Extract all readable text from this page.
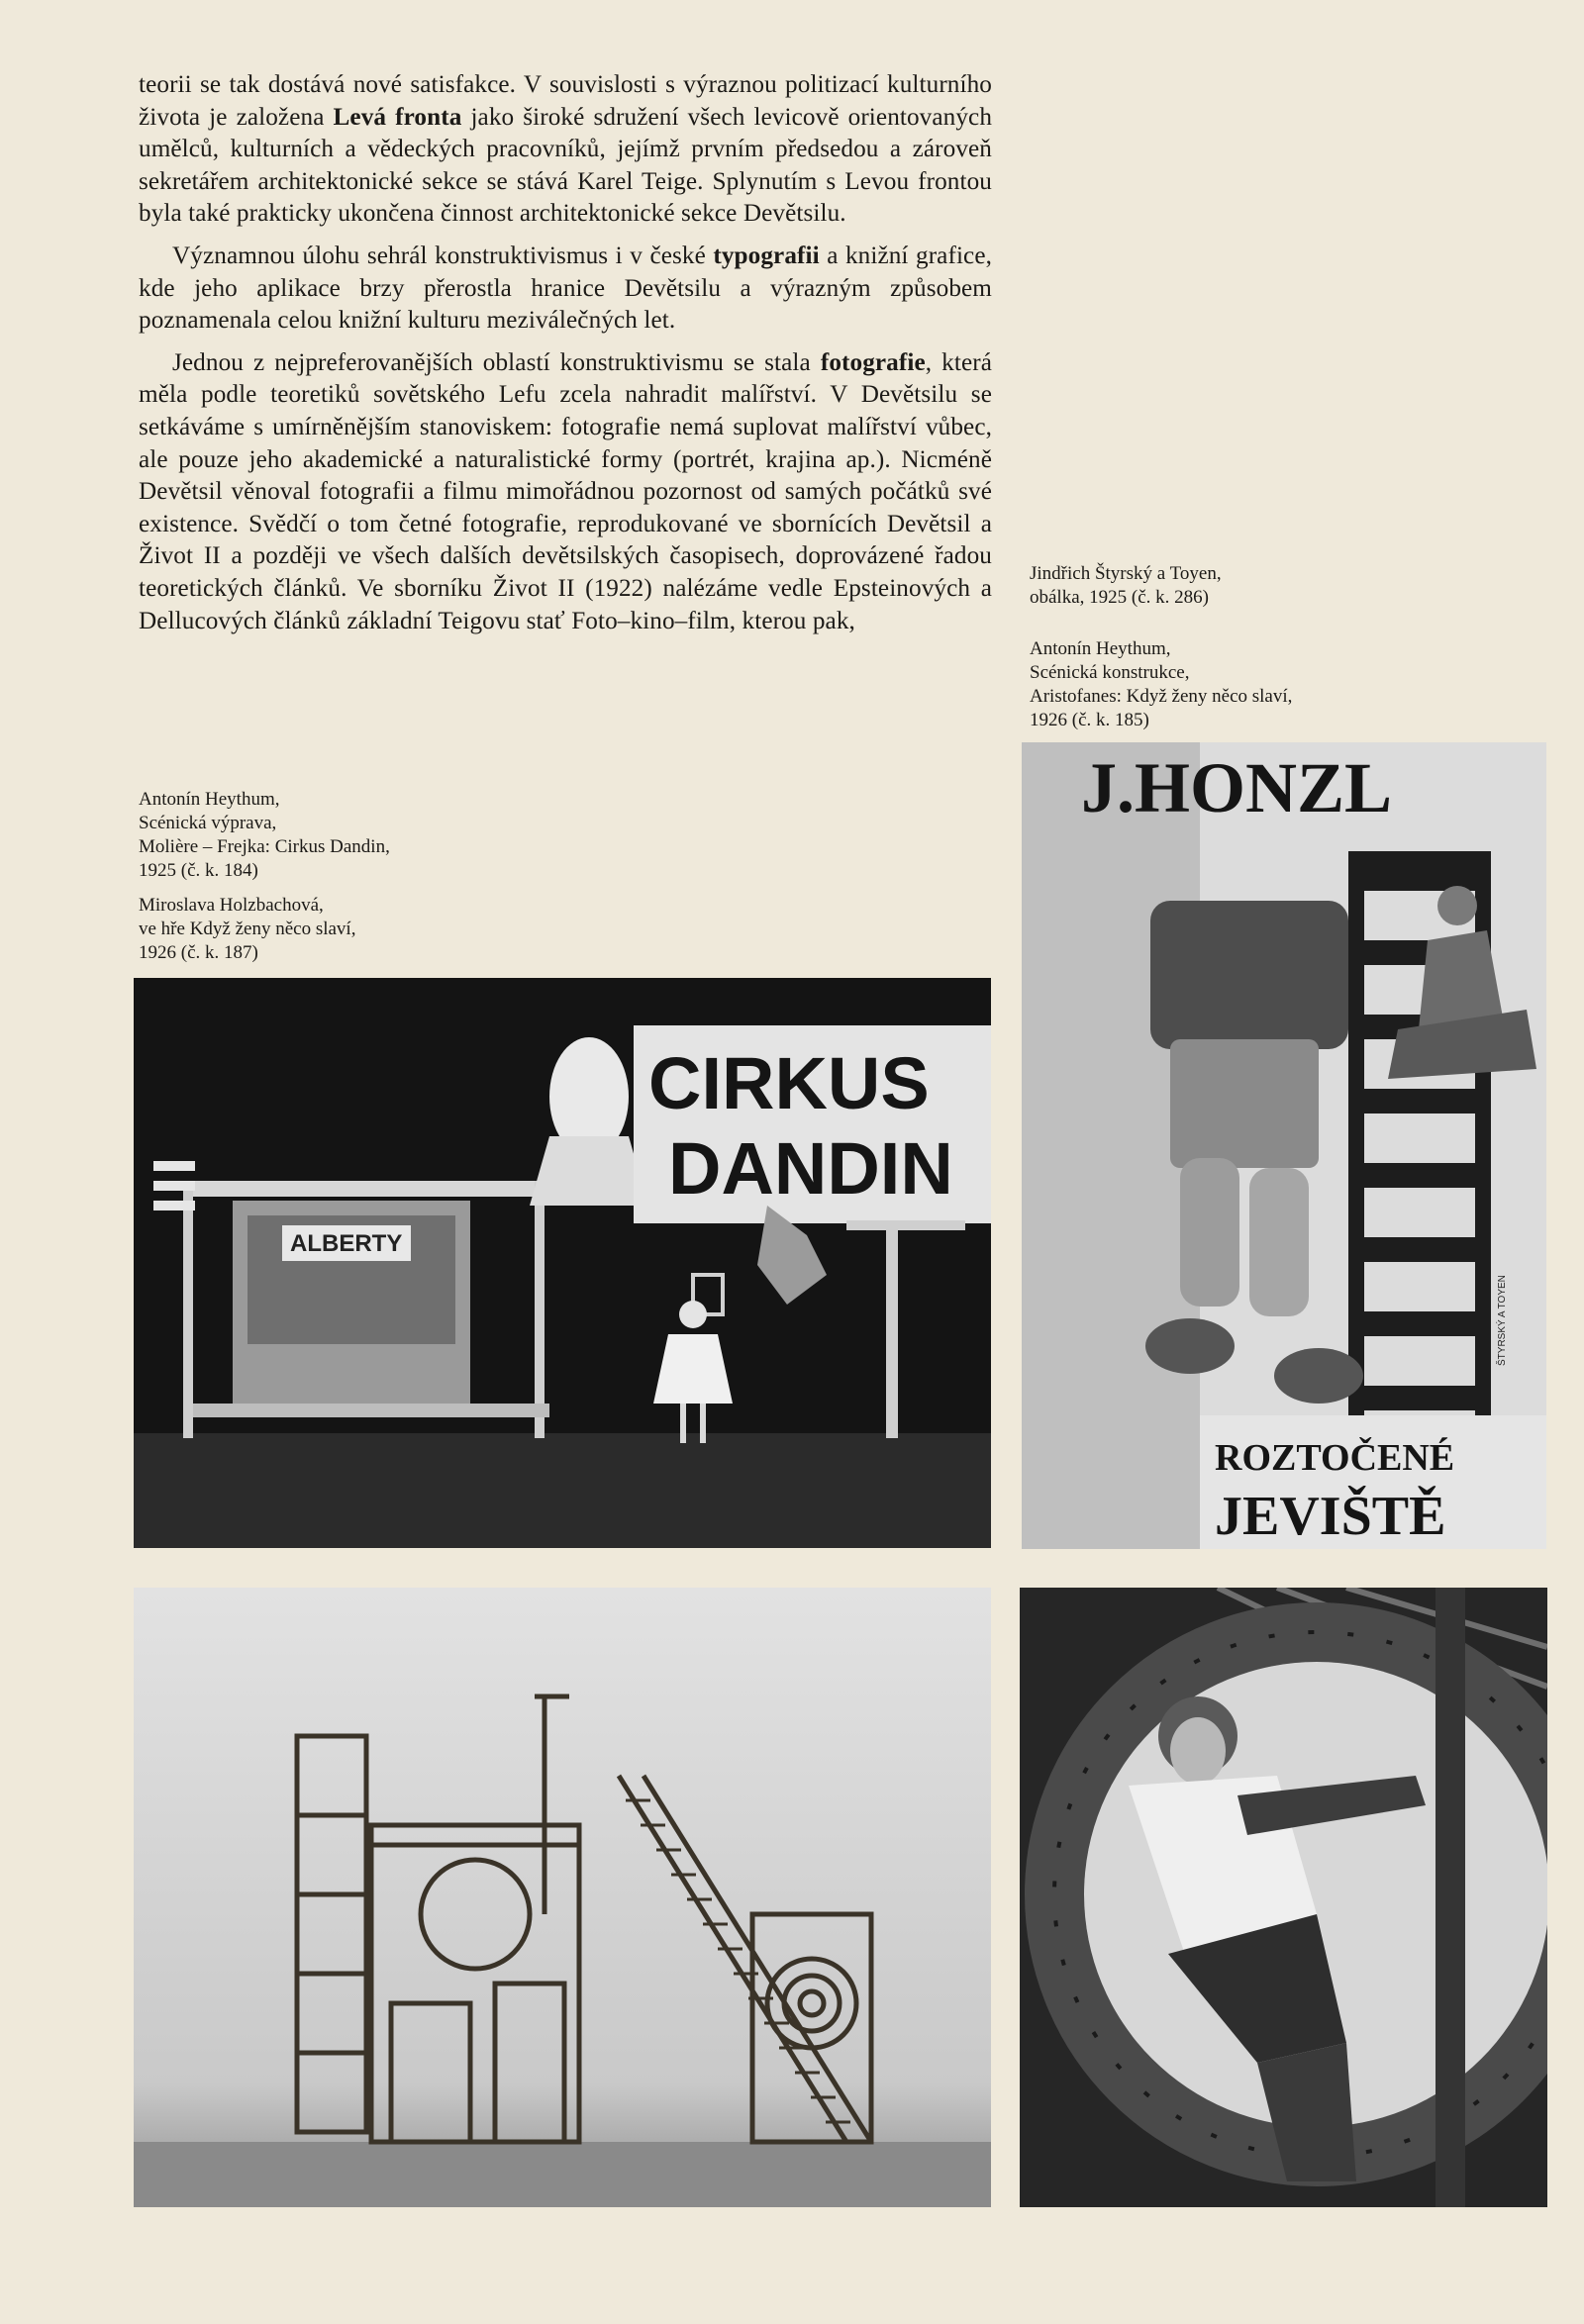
teorii se tak dostává nové satisfakce. V souvislosti s výraznou politizací kulturního života je založena Levá fronta jako široké sdružení všech levicově orientovaných umělců, kulturních a vědeckých pracovníků, jejímž prvním předsedou a zároveň sekretářem architektonické sekce se stává Karel Teige. Splynutím s Levou frontou byla také prakticky ukončena činnost architektonické sekce Devětsilu.

Významnou úlohu sehrál konstruktivismus i v české typografii a knižní grafice, kde jeho aplikace brzy přerostla hranice Devětsilu a výrazným způsobem poznamenala celou knižní kulturu meziválečných let.

Jednou z nejpreferovanějších oblastí konstruktivismu se stala fotografie, která měla podle teoretiků sovětského Lefu zcela nahradit malířství. V Devětsilu se setkáváme s umírněnějším stanoviskem: fotografie nemá suplovat malířství vůbec, ale pouze jeho akademické a naturalistické formy (portrét, krajina ap.). Nicméně Devětsil věnoval fotografii a filmu mimořádnou pozornost od samých počátků své existence. Svědčí o tom četné fotografie, reprodukované ve sbornících Devětsil a Život II a později ve všech dalších devětsilských časopisech, doprovázené řadou teoretických článků. Ve sborníku Život II (1922) nalézáme vedle Epsteinových a Dellucových článků základní Teigovu stať Foto–kino–film, kterou pak,

Antonín Heythum,
Scénická výprava,
Molière – Frejka: Cirkus Dandin,
1925 (č. k. 184)
Miroslava Holzbachová,
ve hře Když ženy něco slaví,
1926 (č. k. 187)
Jindřich Štyrský a Toyen,
obálka, 1925 (č. k. 286)
Antonín Heythum,
Scénická konstrukce,
Aristofanes: Když ženy něco slaví,
1926 (č. k. 185)
CIRKUS
DANDIN
ALBERTY
J.HONZL
ROZTOČENÉ
JEVIŠTĚ
ŠTYRSKÝ A TOYEN
